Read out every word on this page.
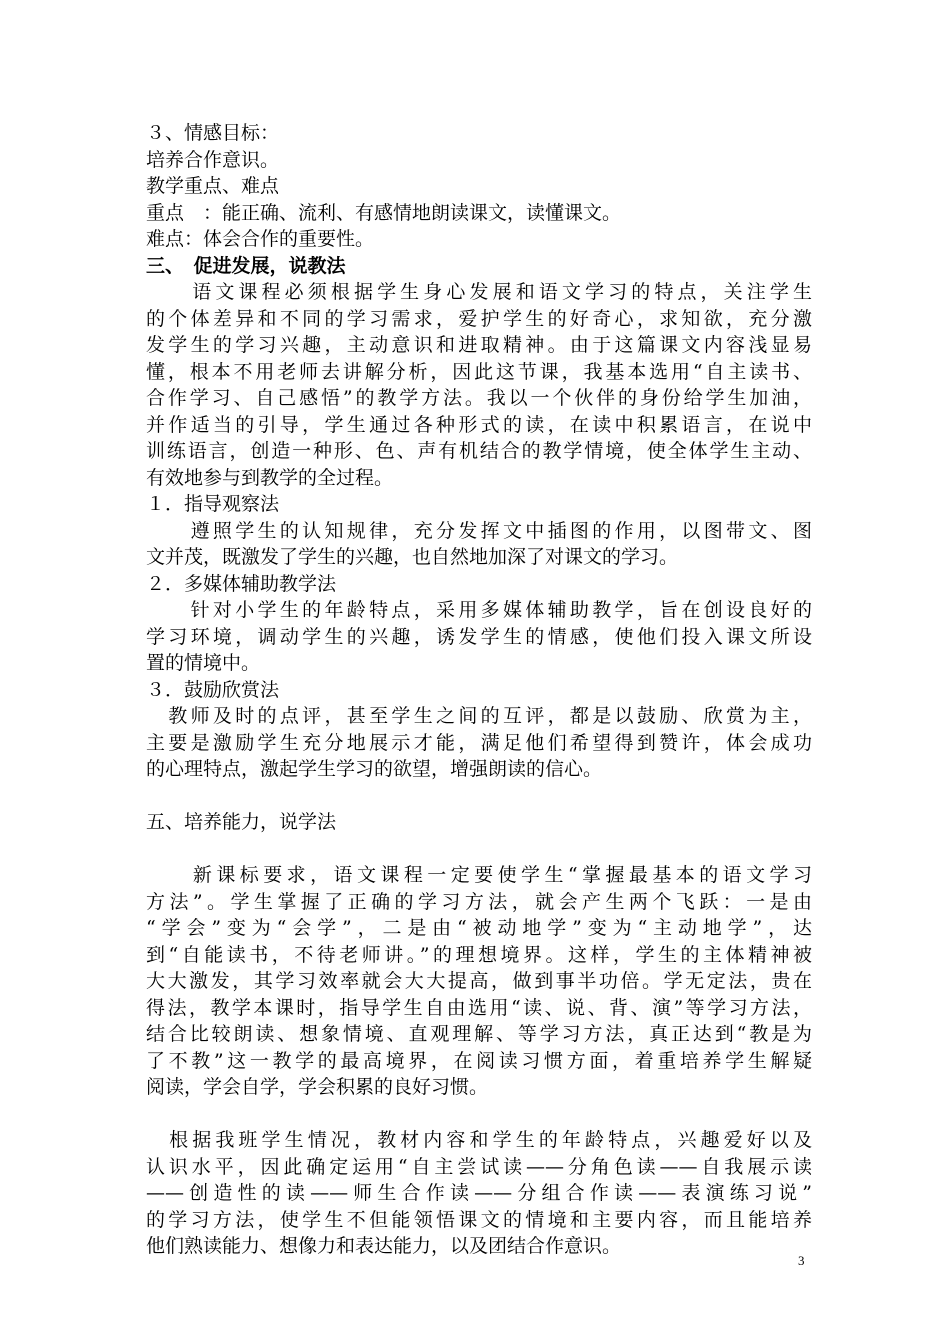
３、情感目标：
培养合作意识。
教学重点、难点
重点　：能正确、流利、有感情地朗读课文，读懂课文。
难点：体会合作的重要性。
三、　促进发展，说教法
　　语文课程必须根据学生身心发展和语文学习的特点，关注学生
的个体差异和不同的学习需求，爱护学生的好奇心，求知欲，充分激
发学生的学习兴趣，主动意识和进取精神。由于这篇课文内容浅显易
懂，根本不用老师去讲解分析，因此这节课，我基本选用“自主读书、
合作学习、自己感悟”的教学方法。我以一个伙伴的身份给学生加油，
并作适当的引导，学生通过各种形式的读，在读中积累语言，在说中
训练语言，创造一种形、色、声有机结合的教学情境，使全体学生主动、
有效地参与到教学的全过程。
１．指导观察法
　　遵照学生的认知规律，充分发挥文中插图的作用，以图带文、图
文并茂，既激发了学生的兴趣，也自然地加深了对课文的学习。
２．多媒体辅助教学法
　　针对小学生的年龄特点，采用多媒体辅助教学，旨在创设良好的
学习环境，调动学生的兴趣，诱发学生的情感，使他们投入课文所设
置的情境中。
３．鼓励欣赏法
　教师及时的点评，甚至学生之间的互评，都是以鼓励、欣赏为主，
主要是激励学生充分地展示才能，满足他们希望得到赞许，体会成功
的心理特点，激起学生学习的欲望，增强朗读的信心。
五、培养能力，说学法
　　新课标要求，语文课程一定要使学生“掌握最基本的语文学习
方法”。学生掌握了正确的学习方法，就会产生两个飞跃：一是由
“学会”变为“会学”，二是由“被动地学”变为“主动地学”，达
到“自能读书，不待老师讲。”的理想境界。这样，学生的主体精神被
大大激发，其学习效率就会大大提高，做到事半功倍。学无定法，贵在
得法，教学本课时，指导学生自由选用“读、说、背、演”等学习方法，
结合比较朗读、想象情境、直观理解、等学习方法，真正达到“教是为
了不教”这一教学的最高境界，在阅读习惯方面，着重培养学生解疑
阅读，学会自学，学会积累的良好习惯。
　根据我班学生情况，教材内容和学生的年龄特点，兴趣爱好以及
认识水平，因此确定运用“自主尝试读——分角色读——自我展示读
——创造性的读——师生合作读——分组合作读——表演练习说”
的学习方法，使学生不但能领悟课文的情境和主要内容，而且能培养
他们熟读能力、想像力和表达能力，以及团结合作意识。
3
